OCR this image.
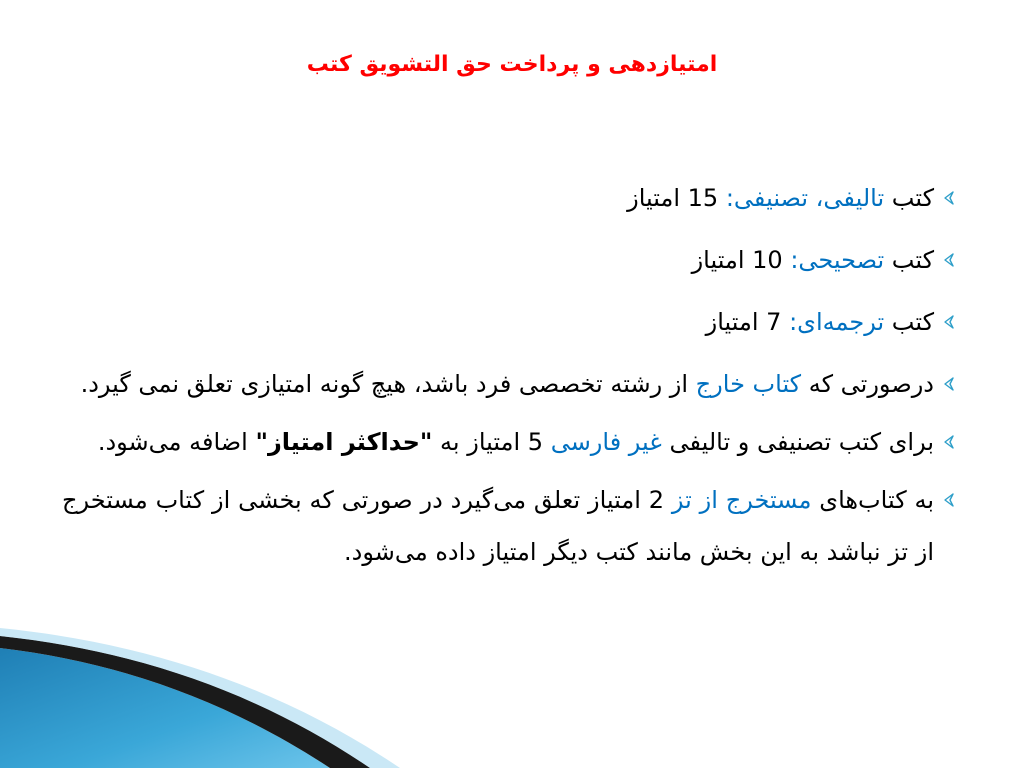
امتیازدهی و پرداخت حق التشویق کتب

کتب تالیفی، تصنیفی: 15 امتیاز

کتب تصحیحی: 10 امتیاز

کتب ترجمه‌ای: 7 امتیاز

درصورتی که کتاب خارج از رشته تخصصی فرد باشد، هیچ گونه امتیازی تعلق نمی گیرد.

برای کتب تصنیفی و تالیفی غیر فارسی 5 امتیاز به "حداکثر امتیاز" اضافه می‌شود.

به کتاب‌های مستخرج از تز 2 امتیاز تعلق می‌گیرد در صورتی که بخشی از کتاب مستخرج از تز نباشد به این بخش مانند کتب دیگر امتیاز داده می‌شود.
